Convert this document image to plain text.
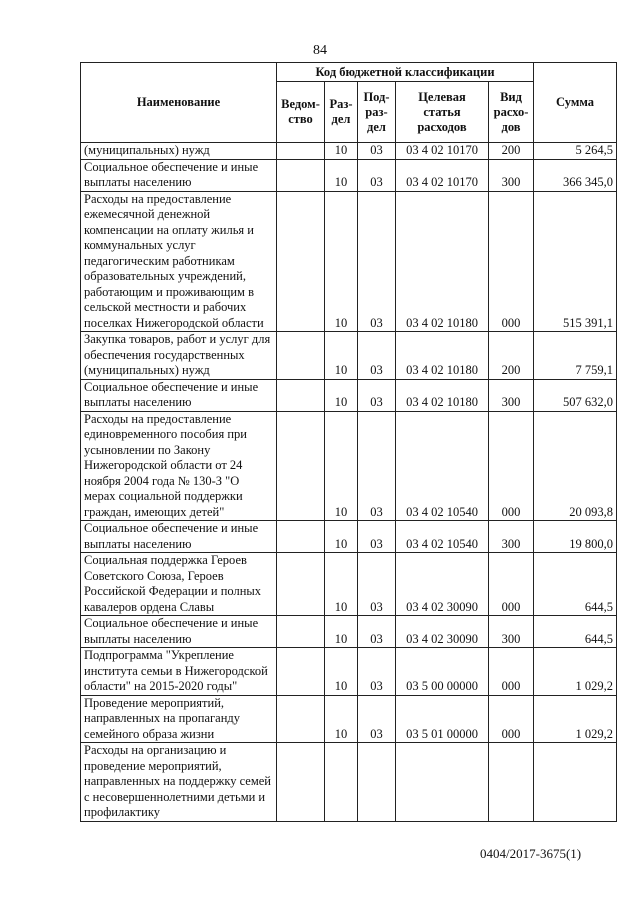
84
Наименование	Код бюджетной классификации					Сумма
	Ведом- ство	Раз- дел	Под- раз- дел	Целевая статья расходов	Вид расхо- дов	
(муниципальных) нужд		10	03	03 4 02 10170	200	5 264,5
Социальное обеспечение и иные выплаты населению		10	03	03 4 02 10170	300	366 345,0
Расходы на предоставление ежемесячной денежной компенсации на оплату жилья и коммунальных услуг педагогическим работникам образовательных учреждений, работающим и проживающим в сельской местности и рабочих поселках Нижегородской области		10	03	03 4 02 10180	000	515 391,1
Закупка товаров, работ и услуг для обеспечения государственных (муниципальных) нужд		10	03	03 4 02 10180	200	7 759,1
Социальное обеспечение и иные выплаты населению		10	03	03 4 02 10180	300	507 632,0
Расходы на предоставление единовременного пособия при усыновлении по Закону Нижегородской области от 24 ноября 2004 года № 130-З "О мерах социальной поддержки граждан, имеющих детей"		10	03	03 4 02 10540	000	20 093,8
Социальное обеспечение и иные выплаты населению		10	03	03 4 02 10540	300	19 800,0
Социальная поддержка Героев Советского Союза, Героев Российской Федерации и полных кавалеров ордена Славы		10	03	03 4 02 30090	000	644,5
Социальное обеспечение и иные выплаты населению		10	03	03 4 02 30090	300	644,5
Подпрограмма "Укрепление института семьи в Нижегородской области" на 2015-2020 годы"		10	03	03 5 00 00000	000	1 029,2
Проведение мероприятий, направленных на пропаганду семейного образа жизни		10	03	03 5 01 00000	000	1 029,2
Расходы на организацию и проведение мероприятий, направленных на поддержку семей с несовершеннолетними детьми и профилактику						
0404/2017-3675(1)
